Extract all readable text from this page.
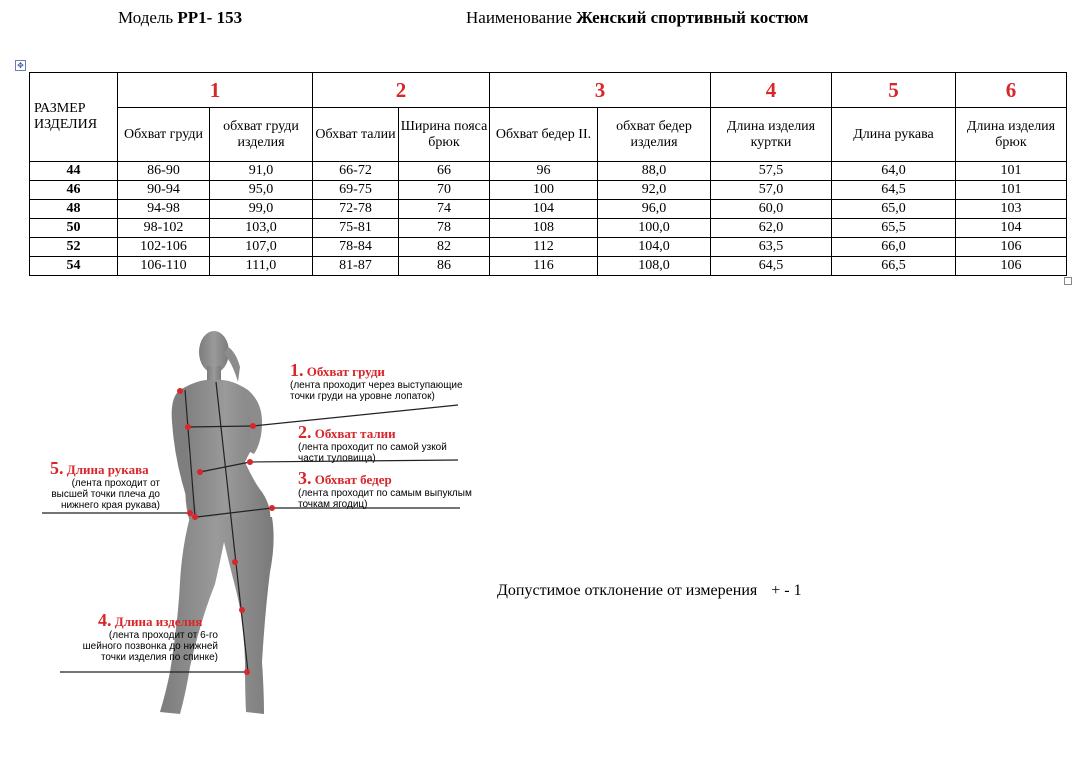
Модель РР1- 153	Наименование Женский спортивный костюм
✥
РАЗМЕР ИЗДЕЛИЯ	1		2		3		4	5	6
	Обхват груди	обхват груди изделия	Обхват талии	Ширина пояса брюк	Обхват бедер II.	обхват бедер изделия	Длина изделия куртки	Длина рукава	Длина изделия брюк
44	86-90	91,0	66-72	66	96	88,0	57,5	64,0	101
46	90-94	95,0	69-75	70	100	92,0	57,0	64,5	101
48	94-98	99,0	72-78	74	104	96,0	60,0	65,0	103
50	98-102	103,0	75-81	78	108	100,0	62,0	65,5	104
52	102-106	107,0	78-84	82	112	104,0	63,5	66,0	106
54	106-110	111,0	81-87	86	116	108,0	64,5	66,5	106
1. Обхват груди
(лента проходит через выступающие точки груди на уровне лопаток)
2. Обхват талии
(лента проходит по самой узкой части туловища)
3. Обхват бедер
(лента проходит по самым выпуклым точкам ягодиц)
5. Длина рукава
(лента проходит от высшей точки плеча до нижнего края рукава)
4. Длина изделия
(лента проходит от 6-го шейного позвонка до нижней точки изделия по спинке)
Допустимое отклонение от измерения + - 1
